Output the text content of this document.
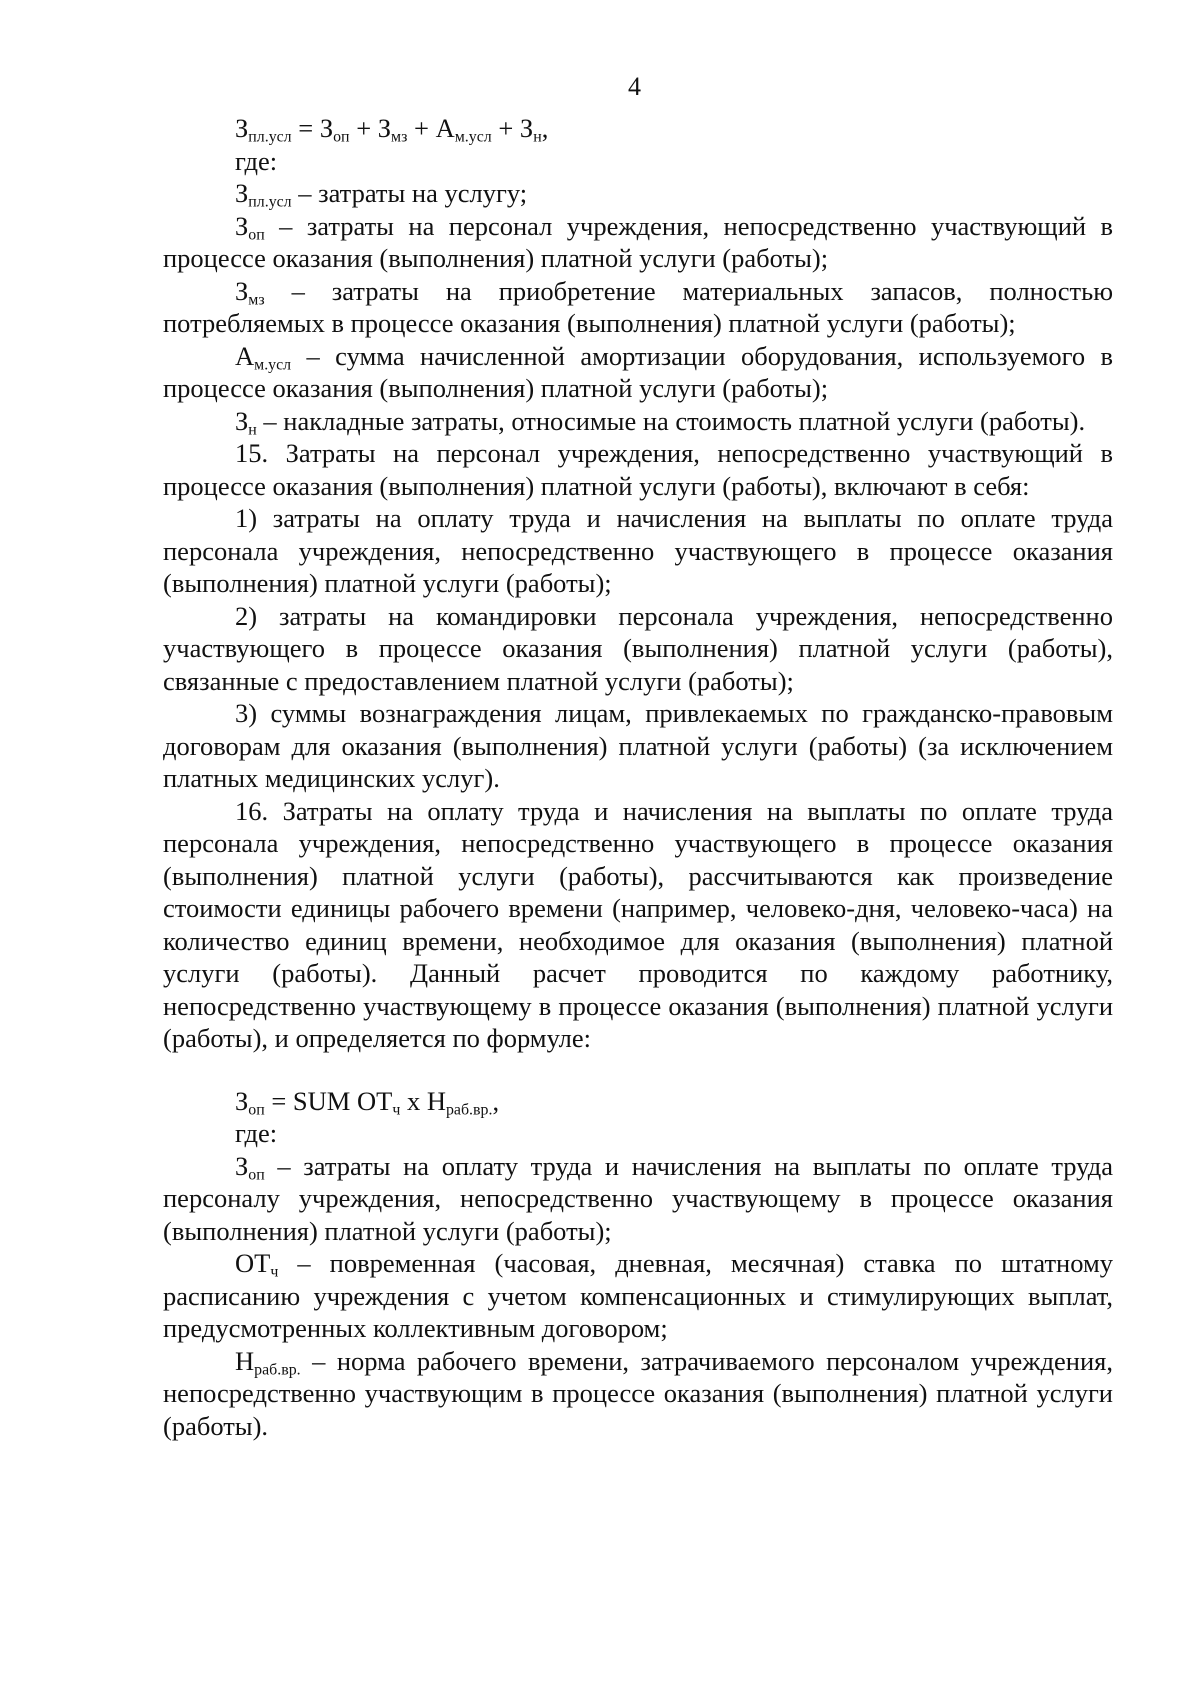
4
$З_{пл.усл} = З_{оп} + З_{мз} + А_{м.усл} + З_н$,

где:

$З_{пл.усл}$ – затраты на услугу;

$З_{оп}$ – затраты на персонал учреждения, непосредственно участвующий в процессе оказания (выполнения) платной услуги (работы);

$З_{мз}$ – затраты на приобретение материальных запасов, полностью потребляемых в процессе оказания (выполнения) платной услуги (работы);

$А_{м.усл}$ – сумма начисленной амортизации оборудования, используемого в процессе оказания (выполнения) платной услуги (работы);

$З_н$ – накладные затраты, относимые на стоимость платной услуги (работы).

15. Затраты на персонал учреждения, непосредственно участвующий в процессе оказания (выполнения) платной услуги (работы), включают в себя:

1) затраты на оплату труда и начисления на выплаты по оплате труда персонала учреждения, непосредственно участвующего в процессе оказания (выполнения) платной услуги (работы);

2) затраты на командировки персонала учреждения, непосредственно участвующего в процессе оказания (выполнения) платной услуги (работы), связанные с предоставлением платной услуги (работы);

3) суммы вознаграждения лицам, привлекаемых по гражданско-правовым договорам для оказания (выполнения) платной услуги (работы) (за исключением платных медицинских услуг).

16. Затраты на оплату труда и начисления на выплаты по оплате труда персонала учреждения, непосредственно участвующего в процессе оказания (выполнения) платной услуги (работы), рассчитываются как произведение стоимости единицы рабочего времени (например, человеко-дня, человеко-часа) на количество единиц времени, необходимое для оказания (выполнения) платной услуги (работы). Данный расчет проводится по каждому работнику, непосредственно участвующему в процессе оказания (выполнения) платной услуги (работы), и определяется по формуле:

$З_{оп}$ = SUM $ОТ_ч$ x $Н_{раб.вр.}$,

где:

$З_{оп}$ – затраты на оплату труда и начисления на выплаты по оплате труда персоналу учреждения, непосредственно участвующему в процессе оказания (выполнения) платной услуги (работы);

$ОТ_ч$ – повременная (часовая, дневная, месячная) ставка по штатному расписанию учреждения с учетом компенсационных и стимулирующих выплат, предусмотренных коллективным договором;

$Н_{раб.вр.}$ – норма рабочего времени, затрачиваемого персоналом учреждения, непосредственно участвующим в процессе оказания (выполнения) платной услуги (работы).
